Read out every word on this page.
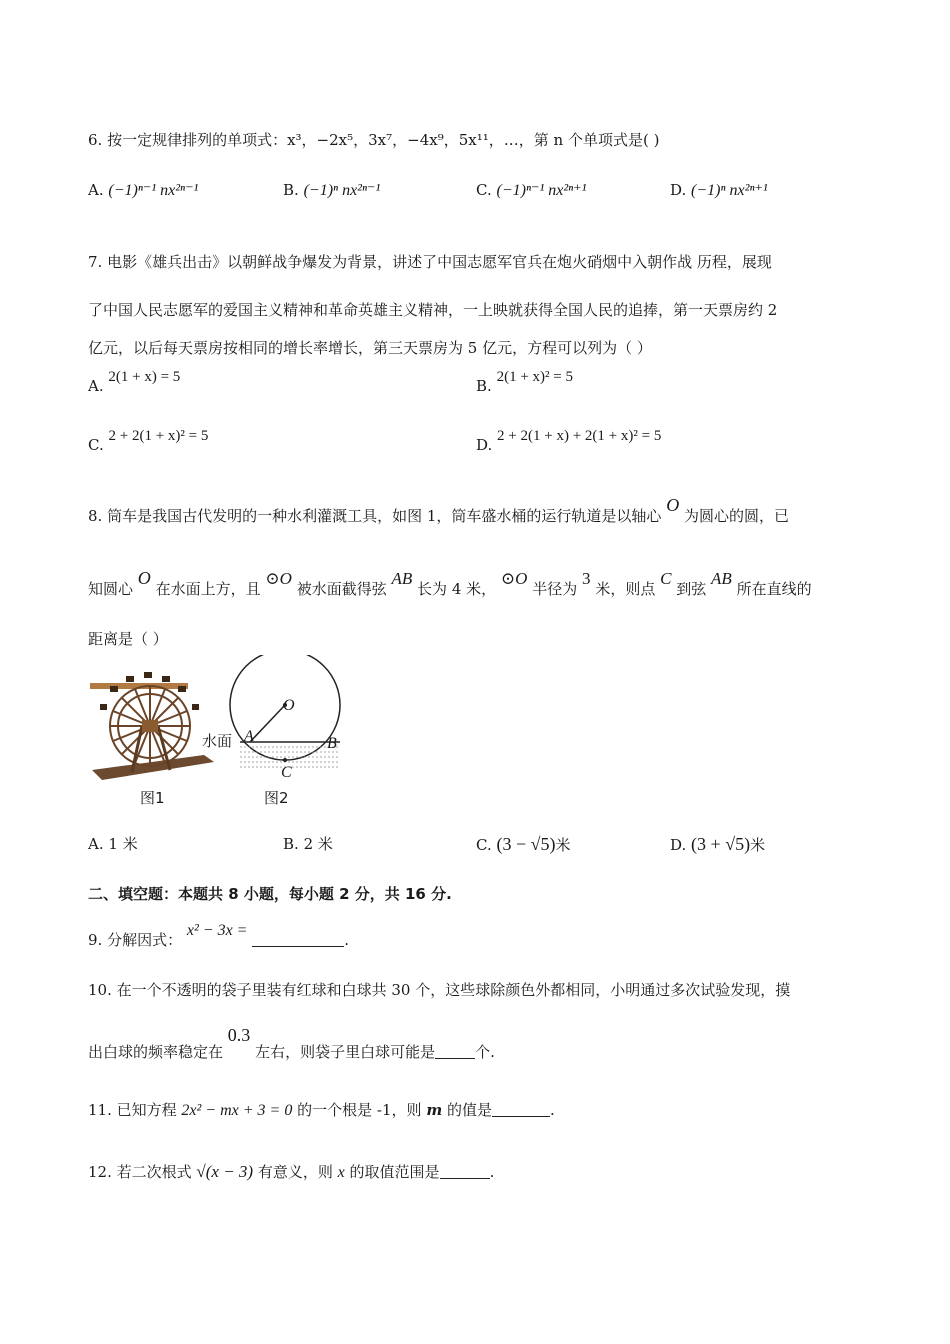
6. 按一定规律排列的单项式：x³，−2x⁵，3x⁷，−4x⁹，5x¹¹，…，第 n 个单项式是( )
A. (−1)ⁿ⁻¹ nx²ⁿ⁻¹	B. (−1)ⁿ nx²ⁿ⁻¹	C. (−1)ⁿ⁻¹ nx²ⁿ⁺¹	D. (−1)ⁿ nx²ⁿ⁺¹
7. 电影《雄兵出击》以朝鲜战争爆发为背景，讲述了中国志愿军官兵在炮火硝烟中入朝作战 历程，展现
了中国人民志愿军的爱国主义精神和革命英雄主义精神，一上映就获得全国人民的追捧，第一天票房约 2
亿元，以后每天票房按相同的增长率增长，第三天票房为 5 亿元，方程可以列为（ ）
A. 2(1 + x) = 5	B. 2(1 + x)² = 5
C. 2 + 2(1 + x)² = 5	D. 2 + 2(1 + x) + 2(1 + x)² = 5
8. 筒车是我国古代发明的一种水利灌溉工具，如图 1，筒车盛水桶的运行轨道是以轴心 O 为圆心的圆，已
知圆心 O 在水面上方，且 ⊙O 被水面截得弦 AB 长为 4 米， ⊙O 半径为 3 米，则点 C 到弦 AB 所在直线的
距离是（ ）
图1
水面
O
A	B
C
图2
A. 1 米	B. 2 米	C. (3 − √5)米	D. (3 + √5)米
二、填空题：本题共 8 小题，每小题 2 分，共 16 分.
9. 分解因式： x² − 3x = .
10. 在一个不透明的袋子里装有红球和白球共 30 个，这些球除颜色外都相同，小明通过多次试验发现，摸
出白球的频率稳定在 0.3 左右，则袋子里白球可能是	个.
11. 已知方程 2x² − mx + 3 = 0 的一个根是 -1，则 m 的值是	.
12. 若二次根式 √(x − 3) 有意义，则 x 的取值范围是	.
